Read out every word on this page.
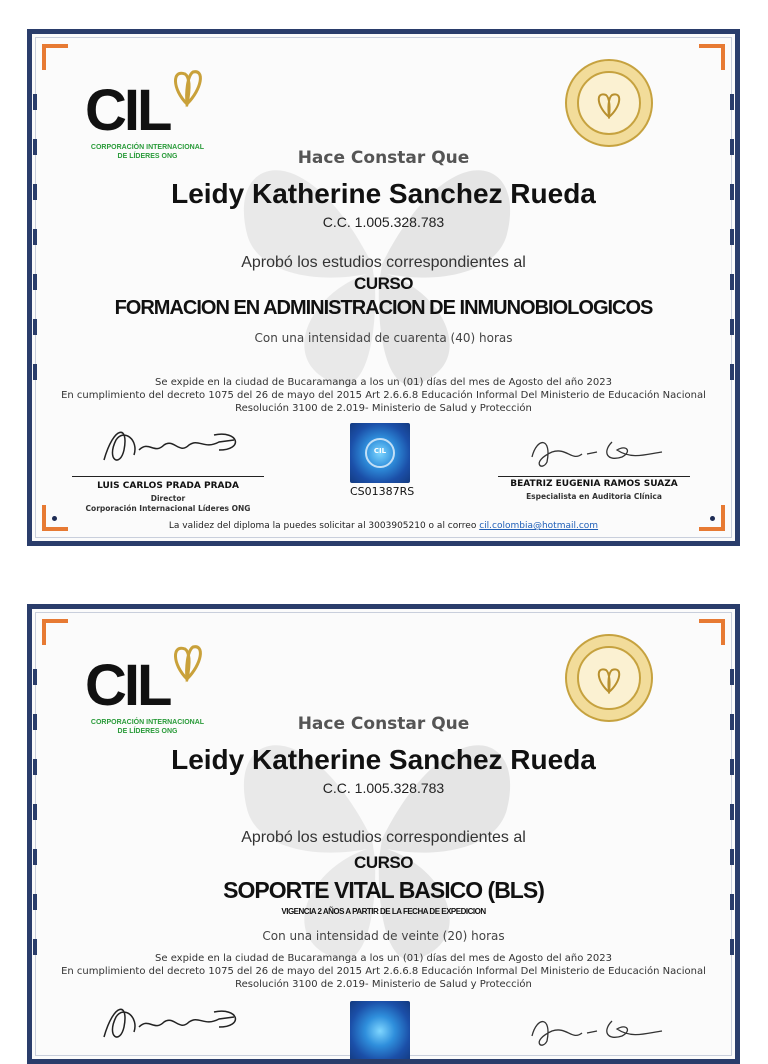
CIL
CORPORACIÓN INTERNACIONAL
DE LÍDERES ONG	Hace Constar Que
Leidy Katherine Sanchez Rueda
C.C. 1.005.328.783
Aprobó los estudios correspondientes al
CURSO
FORMACION EN ADMINISTRACION DE INMUNOBIOLOGICOS
Con una intensidad de cuarenta (40) horas
Se expide en la ciudad de Bucaramanga a los un (01) días del mes de Agosto del año 2023
En cumplimiento del decreto 1075 del 26 de mayo del 2015 Art 2.6.6.8 Educación Informal Del Ministerio de Educación Nacional
Resolución 3100 de 2.019- Ministerio de Salud y Protección
LUIS CARLOS PRADA PRADA
Director
Corporación Internacional Líderes ONG
CIL
CS01387RS
BEATRIZ EUGENIA RAMOS SUAZA
Especialista en Auditoria Clínica
La validez del diploma la puedes solicitar al 3003905210 o al correo cil.colombia@hotmail.com
CIL
CORPORACIÓN INTERNACIONAL
DE LÍDERES ONG	Hace Constar Que
Leidy Katherine Sanchez Rueda
C.C. 1.005.328.783
Aprobó los estudios correspondientes al
CURSO
SOPORTE VITAL BASICO (BLS)
VIGENCIA 2 AÑOS A PARTIR DE LA FECHA DE EXPEDICION
Con una intensidad de veinte (20) horas
Se expide en la ciudad de Bucaramanga a los un (01) días del mes de Agosto del año 2023
En cumplimiento del decreto 1075 del 26 de mayo del 2015 Art 2.6.6.8 Educación Informal Del Ministerio de Educación Nacional
Resolución 3100 de 2.019- Ministerio de Salud y Protección
